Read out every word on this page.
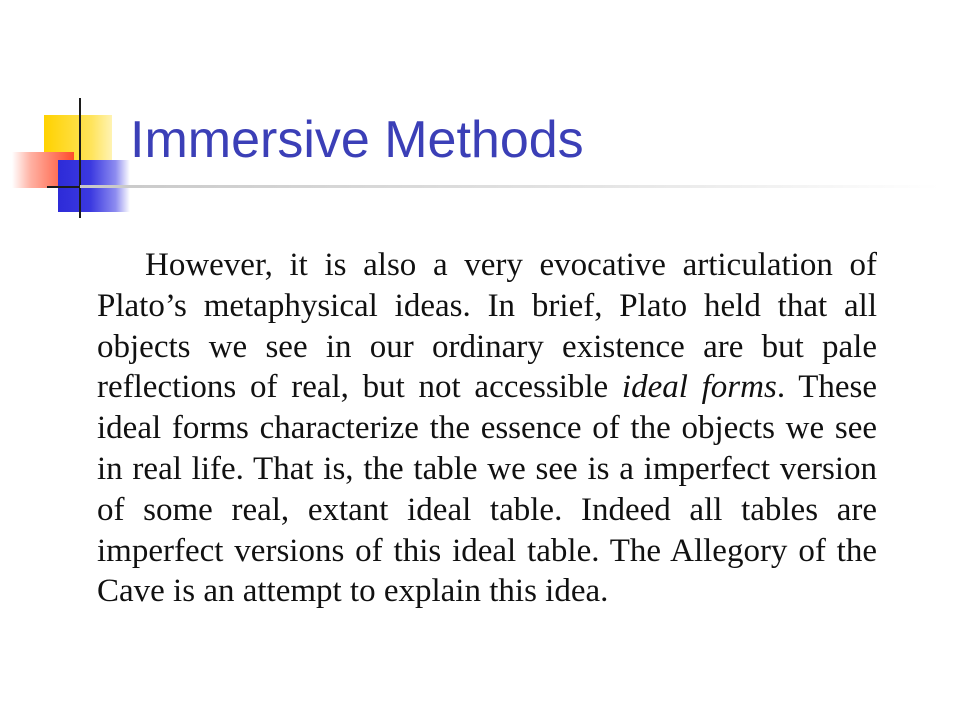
Immersive Methods
However, it is also a very evocative articulation of Plato’s metaphysical ideas. In brief, Plato held that all objects we see in our ordinary existence are but pale reflections of real, but not accessible ideal forms. These ideal forms characterize the essence of the objects we see in real life. That is, the table we see is a imperfect version of some real, extant ideal table. Indeed all tables are imperfect versions of this ideal table. The Allegory of the Cave is an attempt to explain this idea.
